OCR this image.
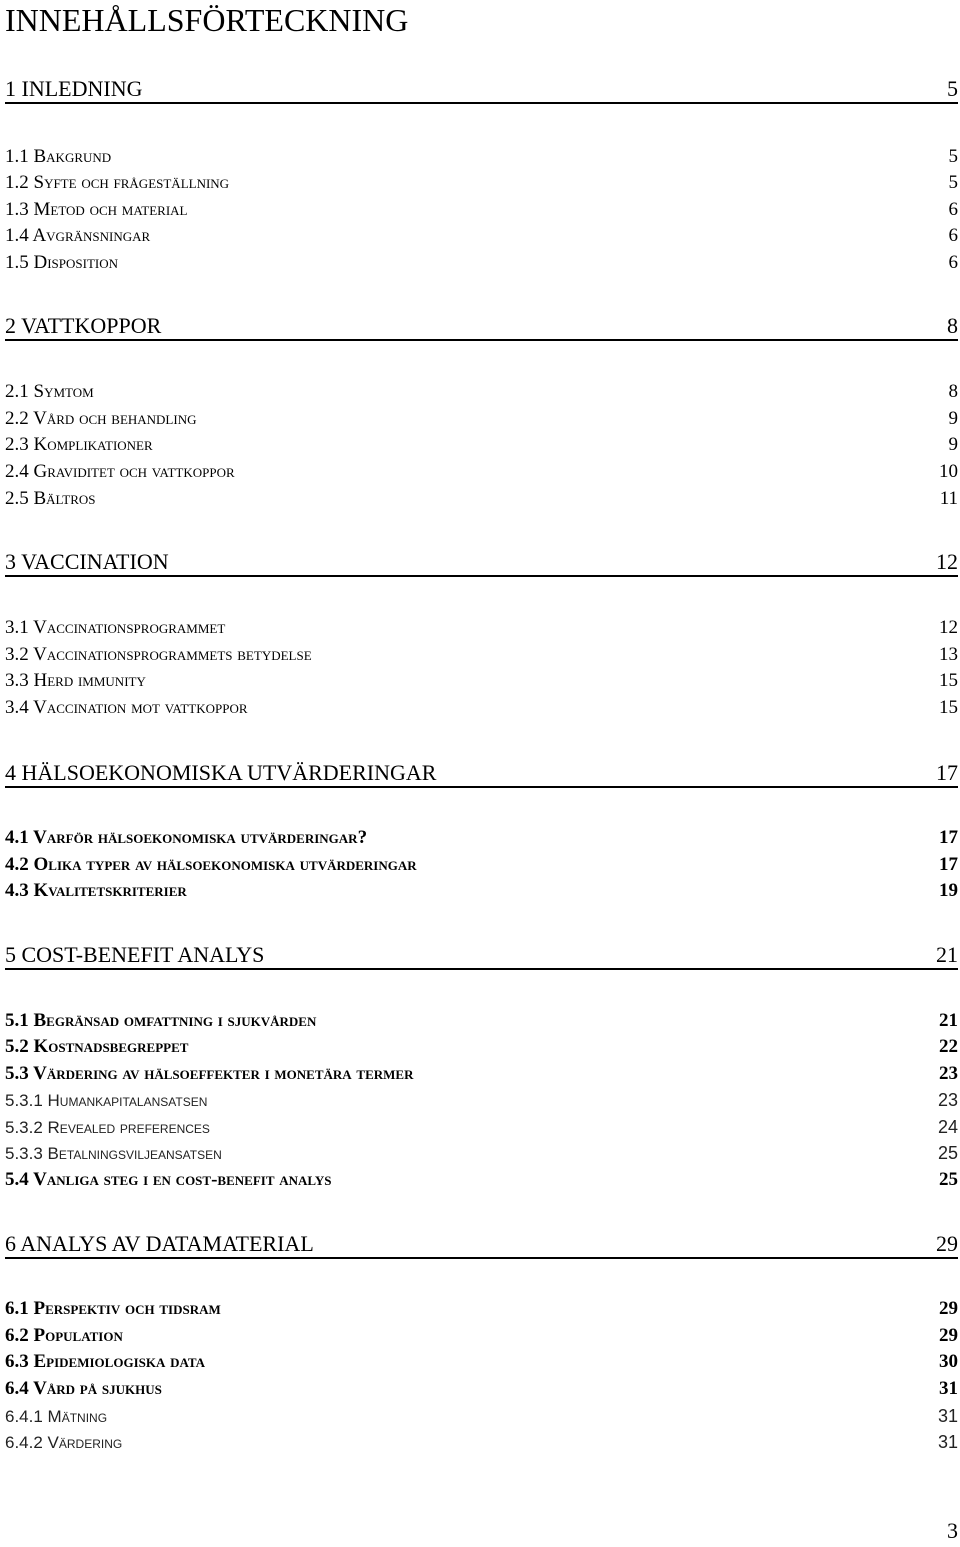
INNEHÅLLSFÖRTECKNING
1 INLEDNING	5
1.1 Bakgrund	5
1.2 Syfte och frågeställning	5
1.3 Metod och material	6
1.4 Avgränsningar	6
1.5 Disposition	6
2 VATTKOPPOR	8
2.1 Symtom	8
2.2 Vård och behandling	9
2.3 Komplikationer	9
2.4 Graviditet och vattkoppor	10
2.5 Bältros	11
3 VACCINATION	12
3.1 Vaccinationsprogrammet	12
3.2 Vaccinationsprogrammets betydelse	13
3.3 Herd immunity	15
3.4 Vaccination mot vattkoppor	15
4 HÄLSOEKONOMISKA UTVÄRDERINGAR	17
4.1 Varför hälsoekonomiska utvärderingar?	17
4.2 Olika typer av hälsoekonomiska utvärderingar	17
4.3 Kvalitetskriterier	19
5 COST-BENEFIT ANALYS	21
5.1 Begränsad omfattning i sjukvården	21
5.2 Kostnadsbegreppet	22
5.3 Värdering av hälsoeffekter i monetära termer	23
5.3.1 Humankapitalansatsen	23
5.3.2 Revealed preferences	24
5.3.3 Betalningsviljeansatsen	25
5.4 Vanliga steg i en cost-benefit analys	25
6 ANALYS AV DATAMATERIAL	29
6.1 Perspektiv och tidsram	29
6.2 Population	29
6.3 Epidemiologiska data	30
6.4 Vård på sjukhus	31
6.4.1 Mätning	31
6.4.2 Värdering	31
3
